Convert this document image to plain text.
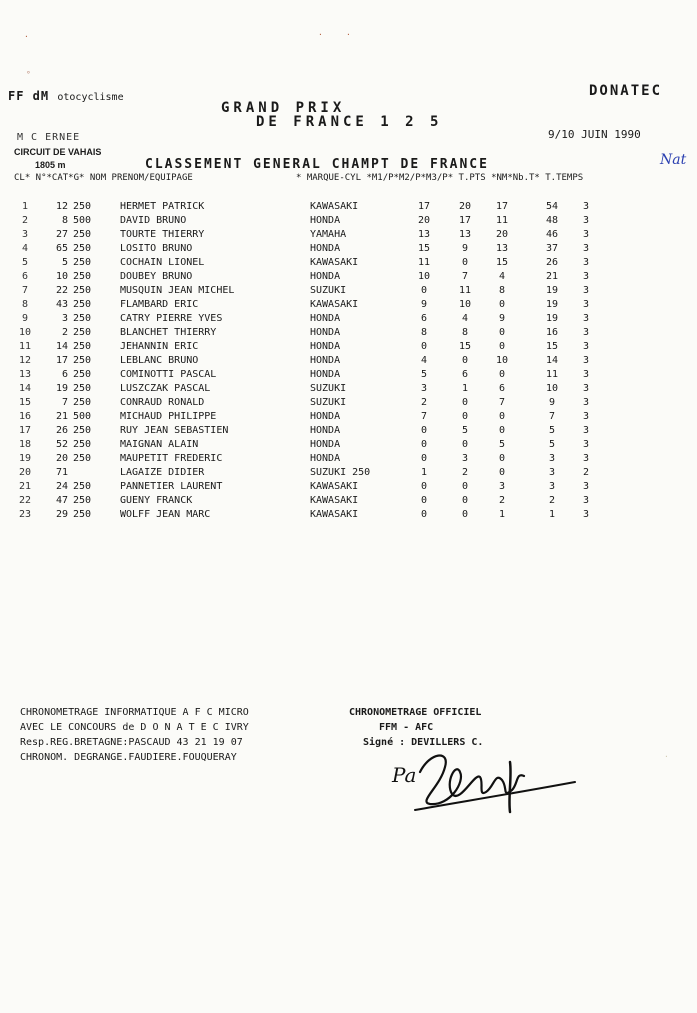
·	·	·
°
FF dM otocyclisme	DONATEC
GRAND PRIX
DE FRANCE 1 2 5
9/10 JUIN 1990
M C ERNEE
CIRCUIT DE VAHAIS
1805 m	CLASSEMENT GENERAL CHAMPT DE FRANCE	Nat
CL* N°*CAT*G* NOM PRENOM/EQUIPAGE	* MARQUE-CYL *M1/P*M2/P*M3/P* T.PTS *NM*Nb.T* T.TEMPS
1	12 250	HERMET PATRICK	KAWASAKI	17	20	17	54	3
2	8 500	DAVID BRUNO	HONDA	20	17	11	48	3
3	27 250	TOURTE THIERRY	YAMAHA	13	13	20	46	3
4	65 250	LOSITO BRUNO	HONDA	15	9	13	37	3
5	5 250	COCHAIN LIONEL	KAWASAKI	11	0	15	26	3
6	10 250	DOUBEY BRUNO	HONDA	10	7	4	21	3
7	22 250	MUSQUIN JEAN MICHEL	SUZUKI	0	11	8	19	3
8	43 250	FLAMBARD ERIC	KAWASAKI	9	10	0	19	3
9	3 250	CATRY PIERRE YVES	HONDA	6	4	9	19	3
10	2 250	BLANCHET THIERRY	HONDA	8	8	0	16	3
11	14 250	JEHANNIN ERIC	HONDA	0	15	0	15	3
12	17 250	LEBLANC BRUNO	HONDA	4	0	10	14	3
13	6 250	COMINOTTI PASCAL	HONDA	5	6	0	11	3
14	19 250	LUSZCZAK PASCAL	SUZUKI	3	1	6	10	3
15	7 250	CONRAUD RONALD	SUZUKI	2	0	7	9	3
16	21 500	MICHAUD PHILIPPE	HONDA	7	0	0	7	3
17	26 250	RUY JEAN SEBASTIEN	HONDA	0	5	0	5	3
18	52 250	MAIGNAN ALAIN	HONDA	0	0	5	5	3
19	20 250	MAUPETIT FREDERIC	HONDA	0	3	0	3	3
20	71	LAGAIZE DIDIER	SUZUKI 250	1	2	0	3	2
21	24 250	PANNETIER LAURENT	KAWASAKI	0	0	3	3	3
22	47 250	GUENY FRANCK	KAWASAKI	0	0	2	2	3
23	29 250	WOLFF JEAN MARC	KAWASAKI	0	0	1	1	3
CHRONOMETRAGE INFORMATIQUE A F C MICRO
AVEC LE CONCOURS de D O N A T E C IVRY
Resp.REG.BRETAGNE:PASCAUD 43 21 19 07
CHRONOM. DEGRANGE.FAUDIERE.FOUQUERAY
CHRONOMETRAGE OFFICIEL
FFM - AFC
Signé : DEVILLERS C.
Pa
·
